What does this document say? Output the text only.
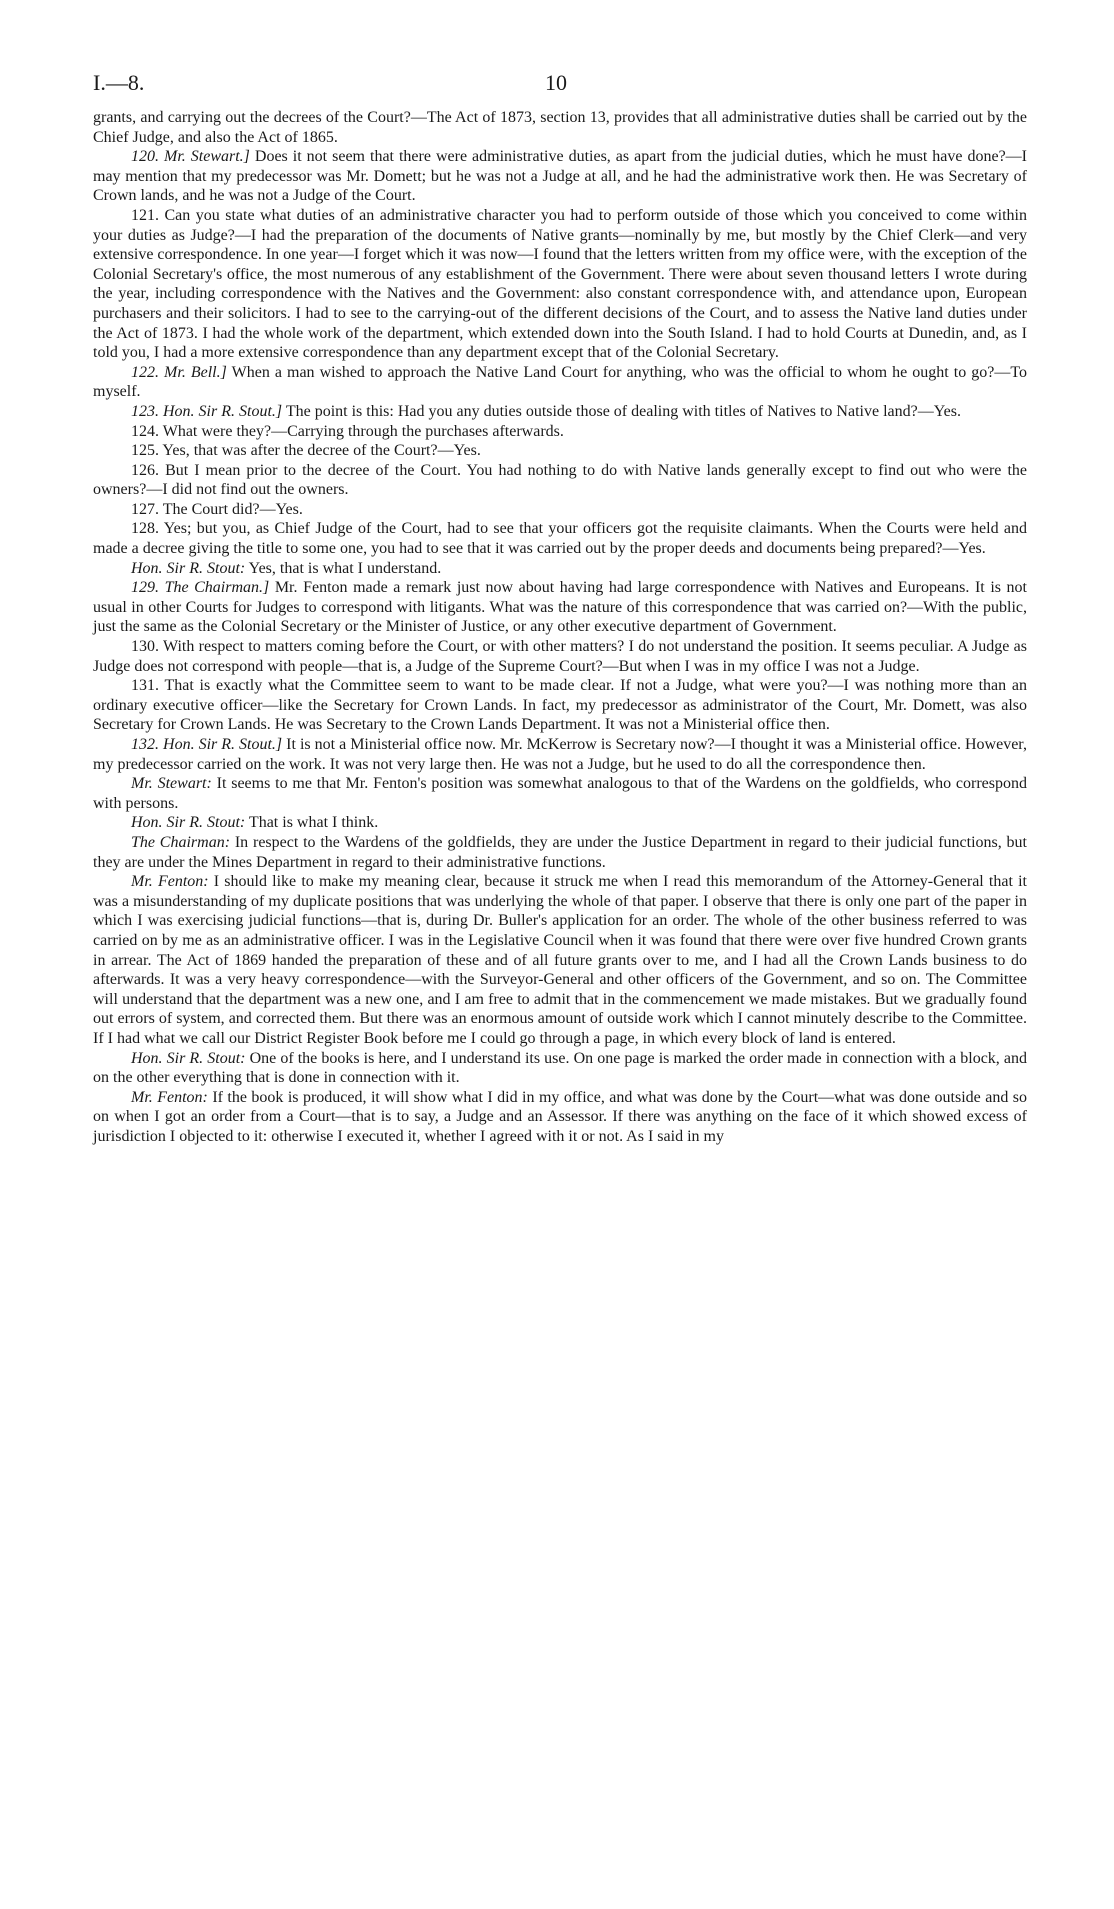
I.—8.	10

grants, and carrying out the decrees of the Court?—The Act of 1873, section 13, provides that all administrative duties shall be carried out by the Chief Judge, and also the Act of 1865.

120. Mr. Stewart.] Does it not seem that there were administrative duties, as apart from the judicial duties, which he must have done?—I may mention that my predecessor was Mr. Domett; but he was not a Judge at all, and he had the administrative work then. He was Secretary of Crown lands, and he was not a Judge of the Court.

121. Can you state what duties of an administrative character you had to perform outside of those which you conceived to come within your duties as Judge?—I had the preparation of the documents of Native grants—nominally by me, but mostly by the Chief Clerk—and very extensive correspondence. In one year—I forget which it was now—I found that the letters written from my office were, with the exception of the Colonial Secretary's office, the most numerous of any establishment of the Government. There were about seven thousand letters I wrote during the year, including correspondence with the Natives and the Government: also constant correspondence with, and attendance upon, European purchasers and their solicitors. I had to see to the carrying-out of the different decisions of the Court, and to assess the Native land duties under the Act of 1873. I had the whole work of the department, which extended down into the South Island. I had to hold Courts at Dunedin, and, as I told you, I had a more extensive correspondence than any department except that of the Colonial Secretary.

122. Mr. Bell.] When a man wished to approach the Native Land Court for anything, who was the official to whom he ought to go?—To myself.

123. Hon. Sir R. Stout.] The point is this: Had you any duties outside those of dealing with titles of Natives to Native land?—Yes.

124. What were they?—Carrying through the purchases afterwards.

125. Yes, that was after the decree of the Court?—Yes.

126. But I mean prior to the decree of the Court. You had nothing to do with Native lands generally except to find out who were the owners?—I did not find out the owners.

127. The Court did?—Yes.

128. Yes; but you, as Chief Judge of the Court, had to see that your officers got the requisite claimants. When the Courts were held and made a decree giving the title to some one, you had to see that it was carried out by the proper deeds and documents being prepared?—Yes.

Hon. Sir R. Stout: Yes, that is what I understand.

129. The Chairman.] Mr. Fenton made a remark just now about having had large correspondence with Natives and Europeans. It is not usual in other Courts for Judges to correspond with litigants. What was the nature of this correspondence that was carried on?—With the public, just the same as the Colonial Secretary or the Minister of Justice, or any other executive department of Government.

130. With respect to matters coming before the Court, or with other matters? I do not understand the position. It seems peculiar. A Judge as Judge does not correspond with people—that is, a Judge of the Supreme Court?—But when I was in my office I was not a Judge.

131. That is exactly what the Committee seem to want to be made clear. If not a Judge, what were you?—I was nothing more than an ordinary executive officer—like the Secretary for Crown Lands. In fact, my predecessor as administrator of the Court, Mr. Domett, was also Secretary for Crown Lands. He was Secretary to the Crown Lands Department. It was not a Ministerial office then.

132. Hon. Sir R. Stout.] It is not a Ministerial office now. Mr. McKerrow is Secretary now?—I thought it was a Ministerial office. However, my predecessor carried on the work. It was not very large then. He was not a Judge, but he used to do all the correspondence then.

Mr. Stewart: It seems to me that Mr. Fenton's position was somewhat analogous to that of the Wardens on the goldfields, who correspond with persons.

Hon. Sir R. Stout: That is what I think.

The Chairman: In respect to the Wardens of the goldfields, they are under the Justice Department in regard to their judicial functions, but they are under the Mines Department in regard to their administrative functions.

Mr. Fenton: I should like to make my meaning clear, because it struck me when I read this memorandum of the Attorney-General that it was a misunderstanding of my duplicate positions that was underlying the whole of that paper. I observe that there is only one part of the paper in which I was exercising judicial functions—that is, during Dr. Buller's application for an order. The whole of the other business referred to was carried on by me as an administrative officer. I was in the Legislative Council when it was found that there were over five hundred Crown grants in arrear. The Act of 1869 handed the preparation of these and of all future grants over to me, and I had all the Crown Lands business to do afterwards. It was a very heavy correspondence—with the Surveyor-General and other officers of the Government, and so on. The Committee will understand that the department was a new one, and I am free to admit that in the commencement we made mistakes. But we gradually found out errors of system, and corrected them. But there was an enormous amount of outside work which I cannot minutely describe to the Committee. If I had what we call our District Register Book before me I could go through a page, in which every block of land is entered.

Hon. Sir R. Stout: One of the books is here, and I understand its use. On one page is marked the order made in connection with a block, and on the other everything that is done in connection with it.

Mr. Fenton: If the book is produced, it will show what I did in my office, and what was done by the Court—what was done outside and so on when I got an order from a Court—that is to say, a Judge and an Assessor. If there was anything on the face of it which showed excess of jurisdiction I objected to it: otherwise I executed it, whether I agreed with it or not. As I said in my
